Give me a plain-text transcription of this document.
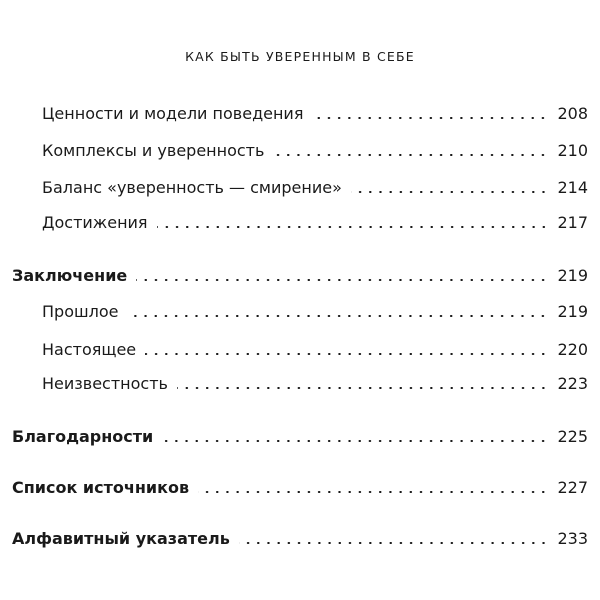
КАК БЫТЬ УВЕРЕННЫМ В СЕБЕ
Ценности и модели поведения	208
Комплексы и уверенность	210
Баланс «уверенность — смирение»	214
Достижения	217
Заключение	219
Прошлое	219
Настоящее	220
Неизвестность	223
Благодарности	225
Список источников	227
Алфавитный указатель	233
